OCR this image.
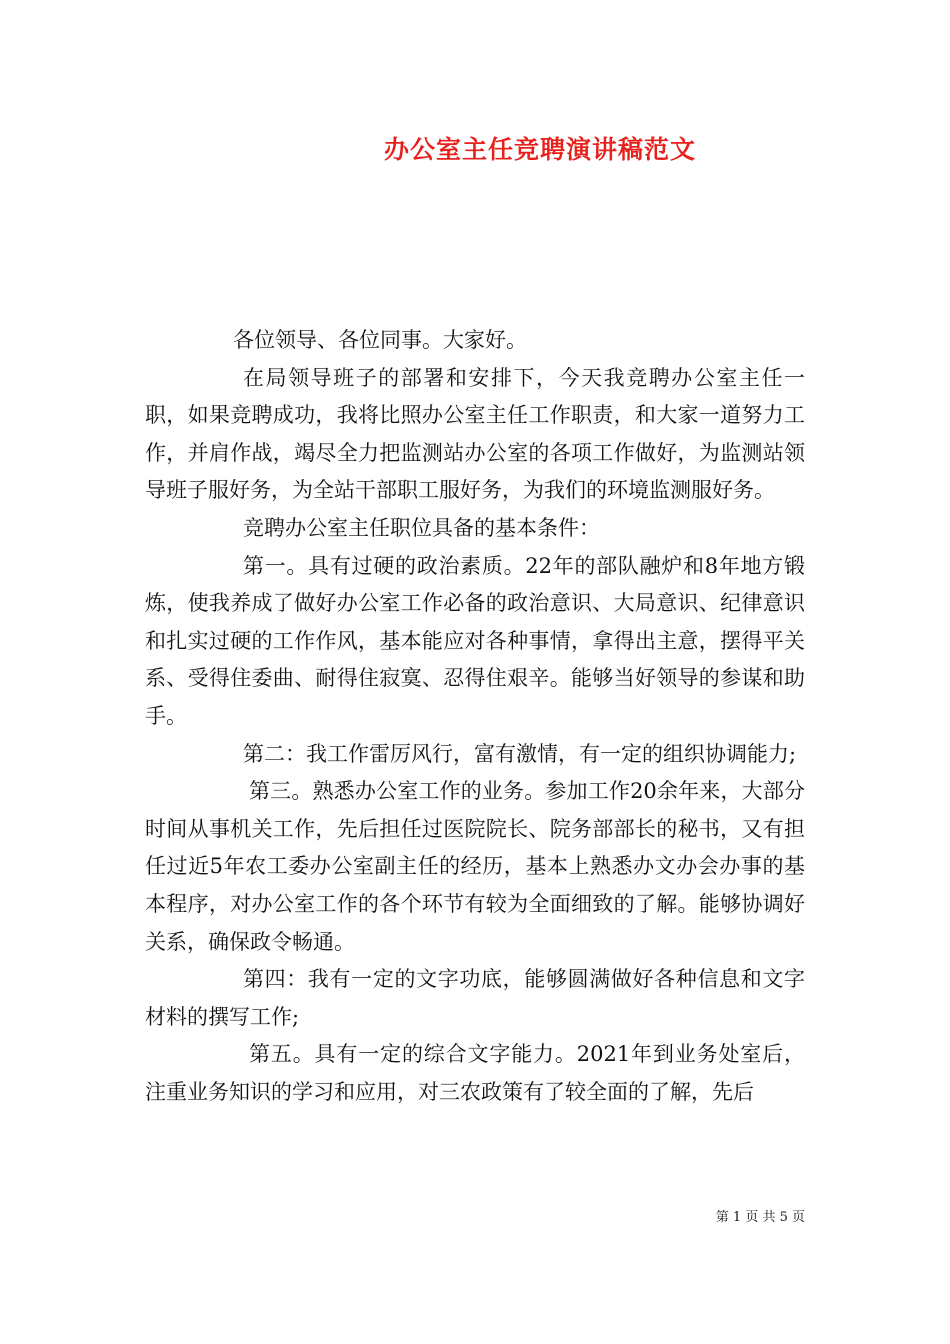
办公室主任竞聘演讲稿范文

各位领导、各位同事。大家好。

在局领导班子的部署和安排下，今天我竞聘办公室主任一职，如果竞聘成功，我将比照办公室主任工作职责，和大家一道努力工作，并肩作战，竭尽全力把监测站办公室的各项工作做好，为监测站领导班子服好务，为全站干部职工服好务，为我们的环境监测服好务。

竞聘办公室主任职位具备的基本条件：

第一。具有过硬的政治素质。22年的部队融炉和8年地方锻炼，使我养成了做好办公室工作必备的政治意识、大局意识、纪律意识和扎实过硬的工作作风，基本能应对各种事情，拿得出主意，摆得平关系、受得住委曲、耐得住寂寞、忍得住艰辛。能够当好领导的参谋和助手。

第二：我工作雷厉风行，富有激情，有一定的组织协调能力;

第三。熟悉办公室工作的业务。参加工作20余年来，大部分时间从事机关工作，先后担任过医院院长、院务部部长的秘书，又有担任过近5年农工委办公室副主任的经历，基本上熟悉办文办会办事的基本程序，对办公室工作的各个环节有较为全面细致的了解。能够协调好关系，确保政令畅通。

第四：我有一定的文字功底，能够圆满做好各种信息和文字材料的撰写工作;

第五。具有一定的综合文字能力。2021年到业务处室后，注重业务知识的学习和应用，对三农政策有了较全面的了解，先后

第 1 页 共 5 页
